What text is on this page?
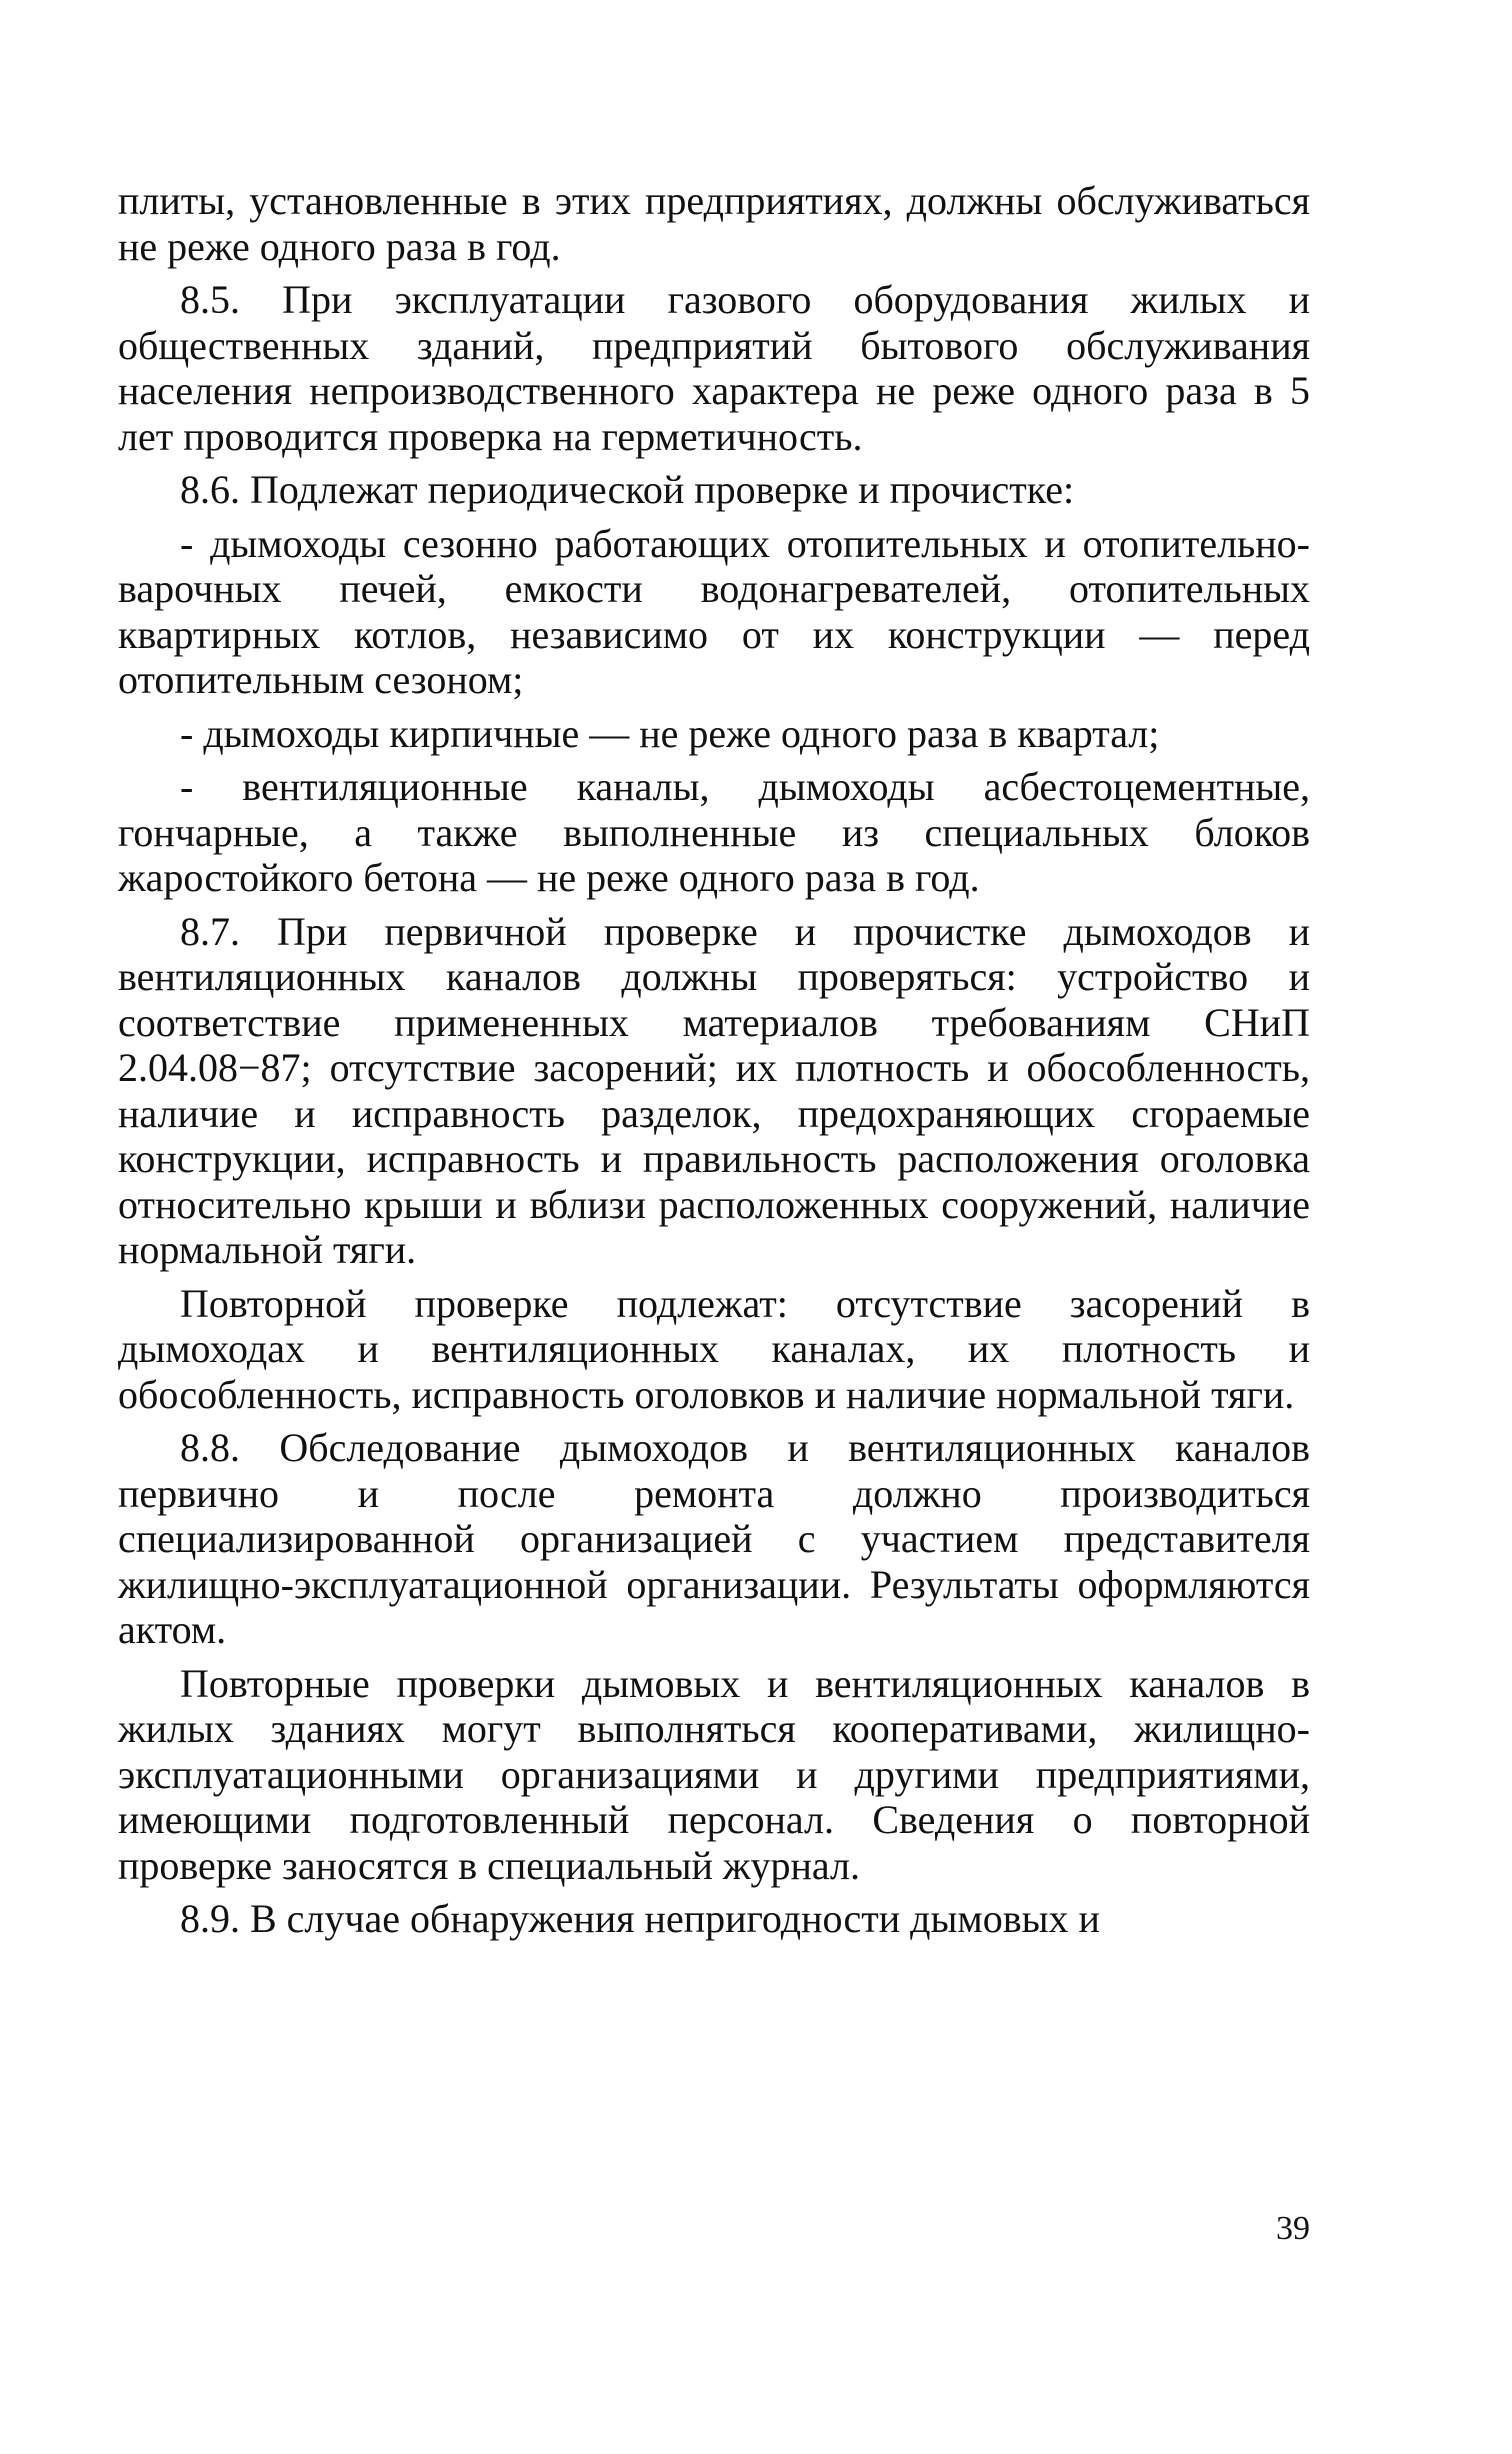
плиты, установленные в этих предприятиях, должны обслуживаться не реже одного раза в год.

8.5. При эксплуатации газового оборудования жилых и общественных зданий, предприятий бытового обслуживания населения непроизводственного характера не реже одного раза в 5 лет проводится проверка на герметичность.

8.6. Подлежат периодической проверке и прочистке:

- дымоходы сезонно работающих отопительных и отопительно-варочных печей, емкости водонагревателей, отопительных квартирных котлов, независимо от их конструкции — перед отопительным сезоном;

- дымоходы кирпичные — не реже одного раза в квартал;

- вентиляционные каналы, дымоходы асбестоцементные, гончарные, а также выполненные из специальных блоков жаростойкого бетона — не реже одного раза в год.

8.7. При первичной проверке и прочистке дымоходов и вентиляционных каналов должны проверяться: устройство и соответствие примененных материалов требованиям СНиП 2.04.08−87; отсутствие засорений; их плотность и обособленность, наличие и исправность разделок, предохраняющих сгораемые конструкции, исправность и правильность расположения оголовка относительно крыши и вблизи расположенных сооружений, наличие нормальной тяги.

Повторной проверке подлежат: отсутствие засорений в дымоходах и вентиляционных каналах, их плотность и обособленность, исправность оголовков и наличие нормальной тяги.

8.8. Обследование дымоходов и вентиляционных каналов первично и после ремонта должно производиться специализированной организацией с участием представителя жилищно-эксплуатационной организации. Результаты оформляются актом.

Повторные проверки дымовых и вентиляционных каналов в жилых зданиях могут выполняться кооперативами, жилищно-эксплуатационными организациями и другими предприятиями, имеющими подготовленный персонал. Сведения о повторной проверке заносятся в специальный журнал.

8.9. В случае обнаружения непригодности дымовых и

39
